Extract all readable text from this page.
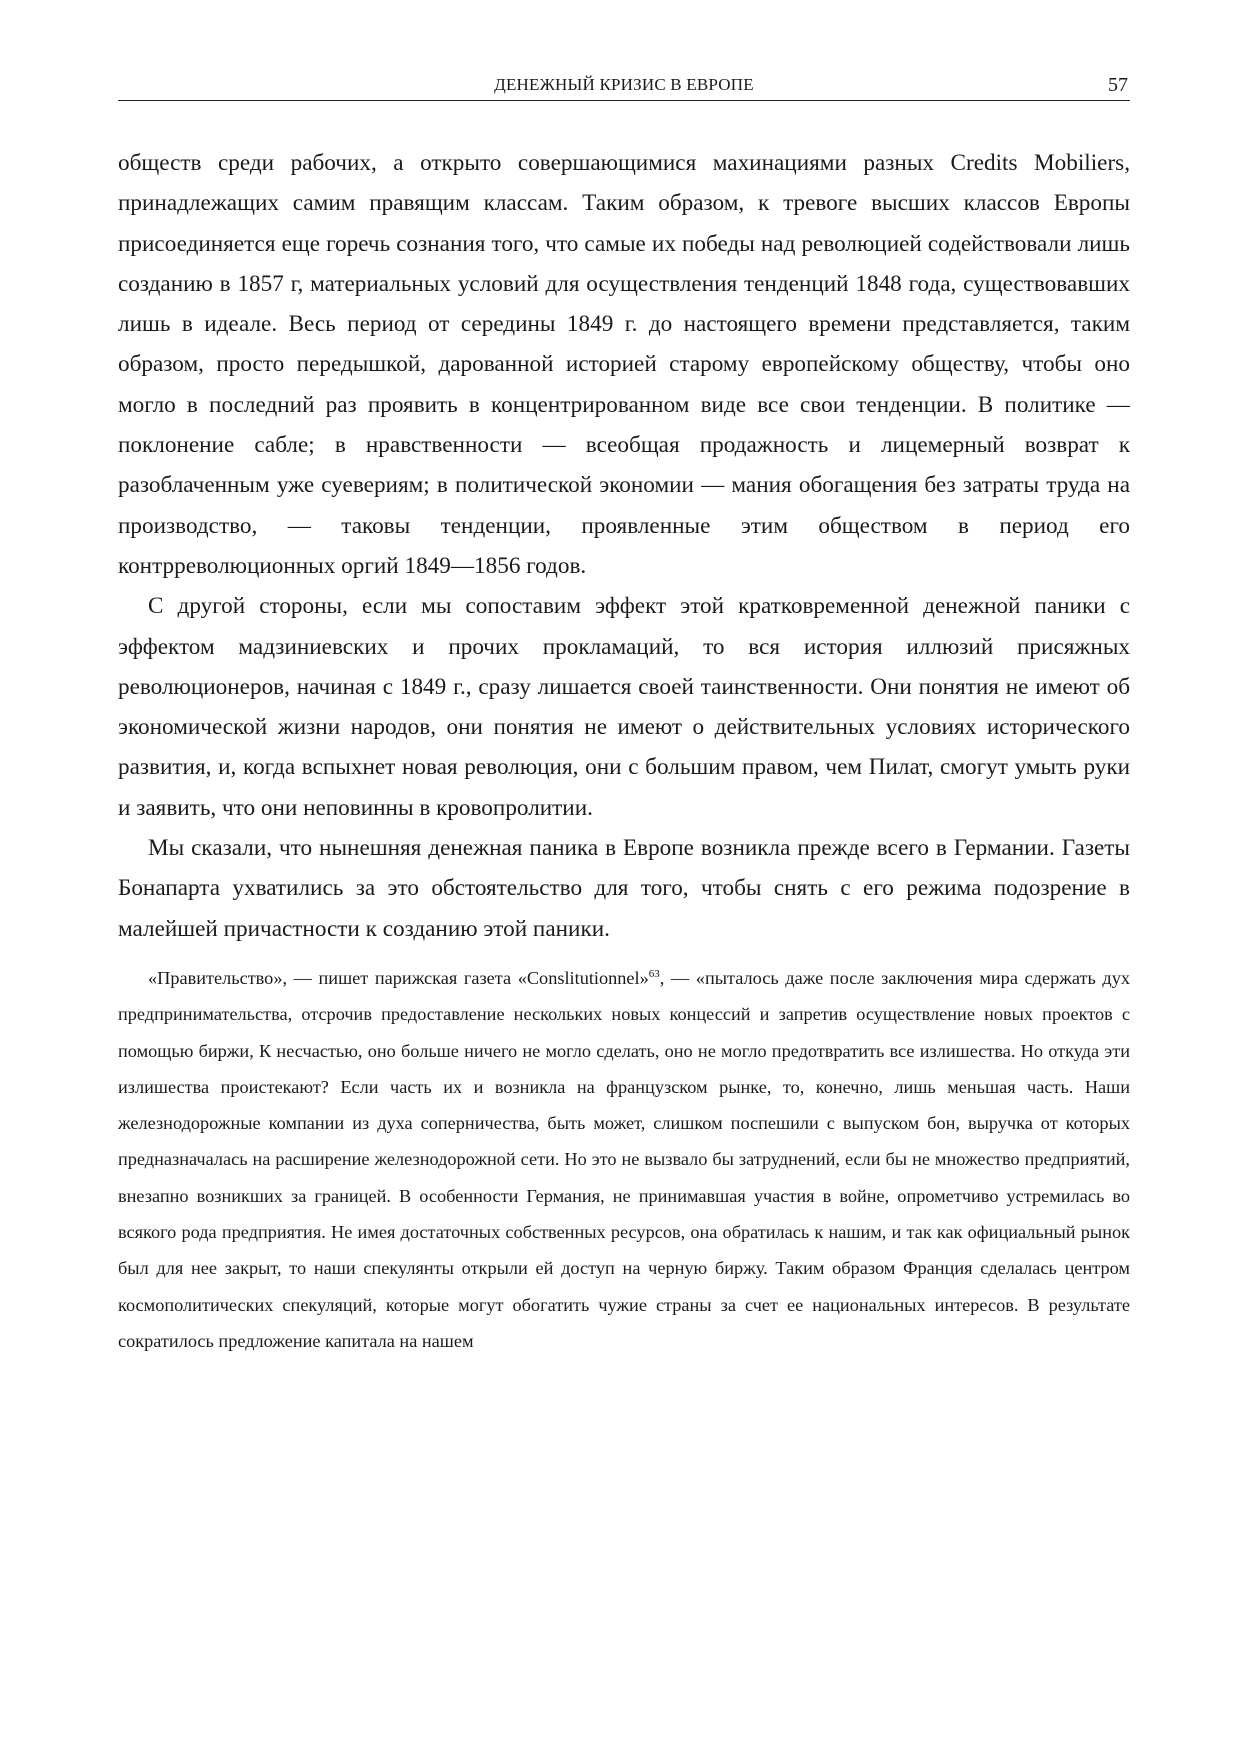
ДЕНЕЖНЫЙ КРИЗИС В ЕВРОПЕ	57

обществ среди рабочих, а открыто совершающимися махинациями разных Credits Mobiliers, принадлежащих самим правящим классам. Таким образом, к тревоге высших классов Европы присоединяется еще горечь сознания того, что самые их победы над революцией содействовали лишь созданию в 1857 г, материальных условий для осуществления тенденций 1848 года, существовавших лишь в идеале. Весь период от середины 1849 г. до настоящего времени представляется, таким образом, просто передышкой, дарованной историей старому европейскому обществу, чтобы оно могло в последний раз проявить в концентрированном виде все свои тенденции. В политике — поклонение сабле; в нравственности — всеобщая продажность и лицемерный возврат к разоблаченным уже суевериям; в политической экономии — мания обогащения без затраты труда на производство, — таковы тенденции, проявленные этим обществом в период его контрреволюционных оргий 1849—1856 годов.

С другой стороны, если мы сопоставим эффект этой кратковременной денежной паники с эффектом мадзиниевских и прочих прокламаций, то вся история иллюзий присяжных революционеров, начиная с 1849 г., сразу лишается своей таинственности. Они понятия не имеют об экономической жизни народов, они понятия не имеют о действительных условиях исторического развития, и, когда вспыхнет новая революция, они с большим правом, чем Пилат, смогут умыть руки и заявить, что они неповинны в кровопролитии.

Мы сказали, что нынешняя денежная паника в Европе возникла прежде всего в Германии. Газеты Бонапарта ухватились за это обстоятельство для того, чтобы снять с его режима подозрение в малейшей причастности к созданию этой паники.

«Правительство», — пишет парижская газета «Conslitutionnel»$^{63}$, — «пыталось даже после заключения мира сдержать дух предпринимательства, отсрочив предоставление нескольких новых концессий и запретив осуществление новых проектов с помощью биржи, К несчастью, оно больше ничего не могло сделать, оно не могло предотвратить все излишества. Но откуда эти излишества проистекают? Если часть их и возникла на французском рынке, то, конечно, лишь меньшая часть. Наши железнодорожные компании из духа соперничества, быть может, слишком поспешили с выпуском бон, выручка от которых предназначалась на расширение железнодорожной сети. Но это не вызвало бы затруднений, если бы не множество предприятий, внезапно возникших за границей. В особенности Германия, не принимавшая участия в войне, опрометчиво устремилась во всякого рода предприятия. Не имея достаточных собственных ресурсов, она обратилась к нашим, и так как официальный рынок был для нее закрыт, то наши спекулянты открыли ей доступ на черную биржу. Таким образом Франция сделалась центром космополитических спекуляций, которые могут обогатить чужие страны за счет ее национальных интересов. В результате сократилось предложение капитала на нашем
